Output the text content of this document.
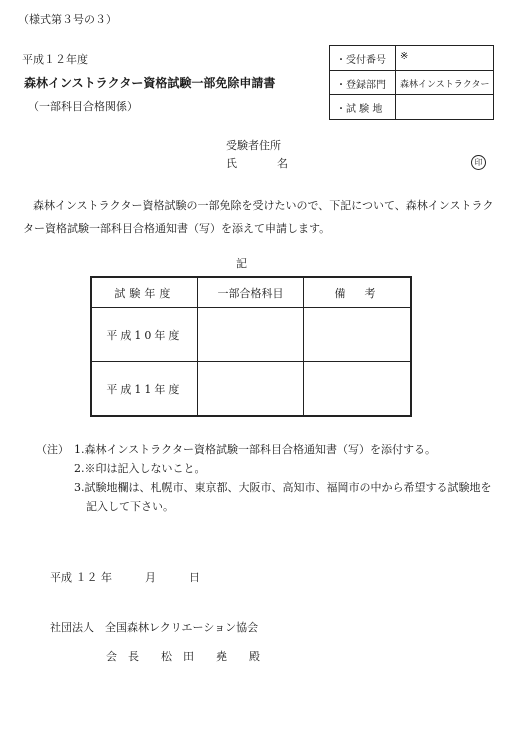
（様式第３号の３）
平成１２年度
森林インストラクター資格試験一部免除申請書
（一部科目合格関係）
・受付番号 ※
・登録部門 森林インストラクター
・試 験 地
受験者住所
氏　　名	印
森林インストラクター資格試験の一部免除を受けたいので、下記について、森林インストラク
ター資格試験一部科目合格通知書（写）を添えて申請します。
記
試験年度	一部合格科目	備　考
平成10年度		
平成11年度		
（注） 1.森林インストラクター資格試験一部科目合格通知書（写）を添付する。
2.※印は記入しないこと。
3.試験地欄は、札幌市、東京都、大阪市、高知市、福岡市の中から希望する試験地を
記入して下さい。
平成 １２ 年　　　月　　　日
社団法人　全国森林レクリエーション協会
会　長　　松　田　　堯　　殿
